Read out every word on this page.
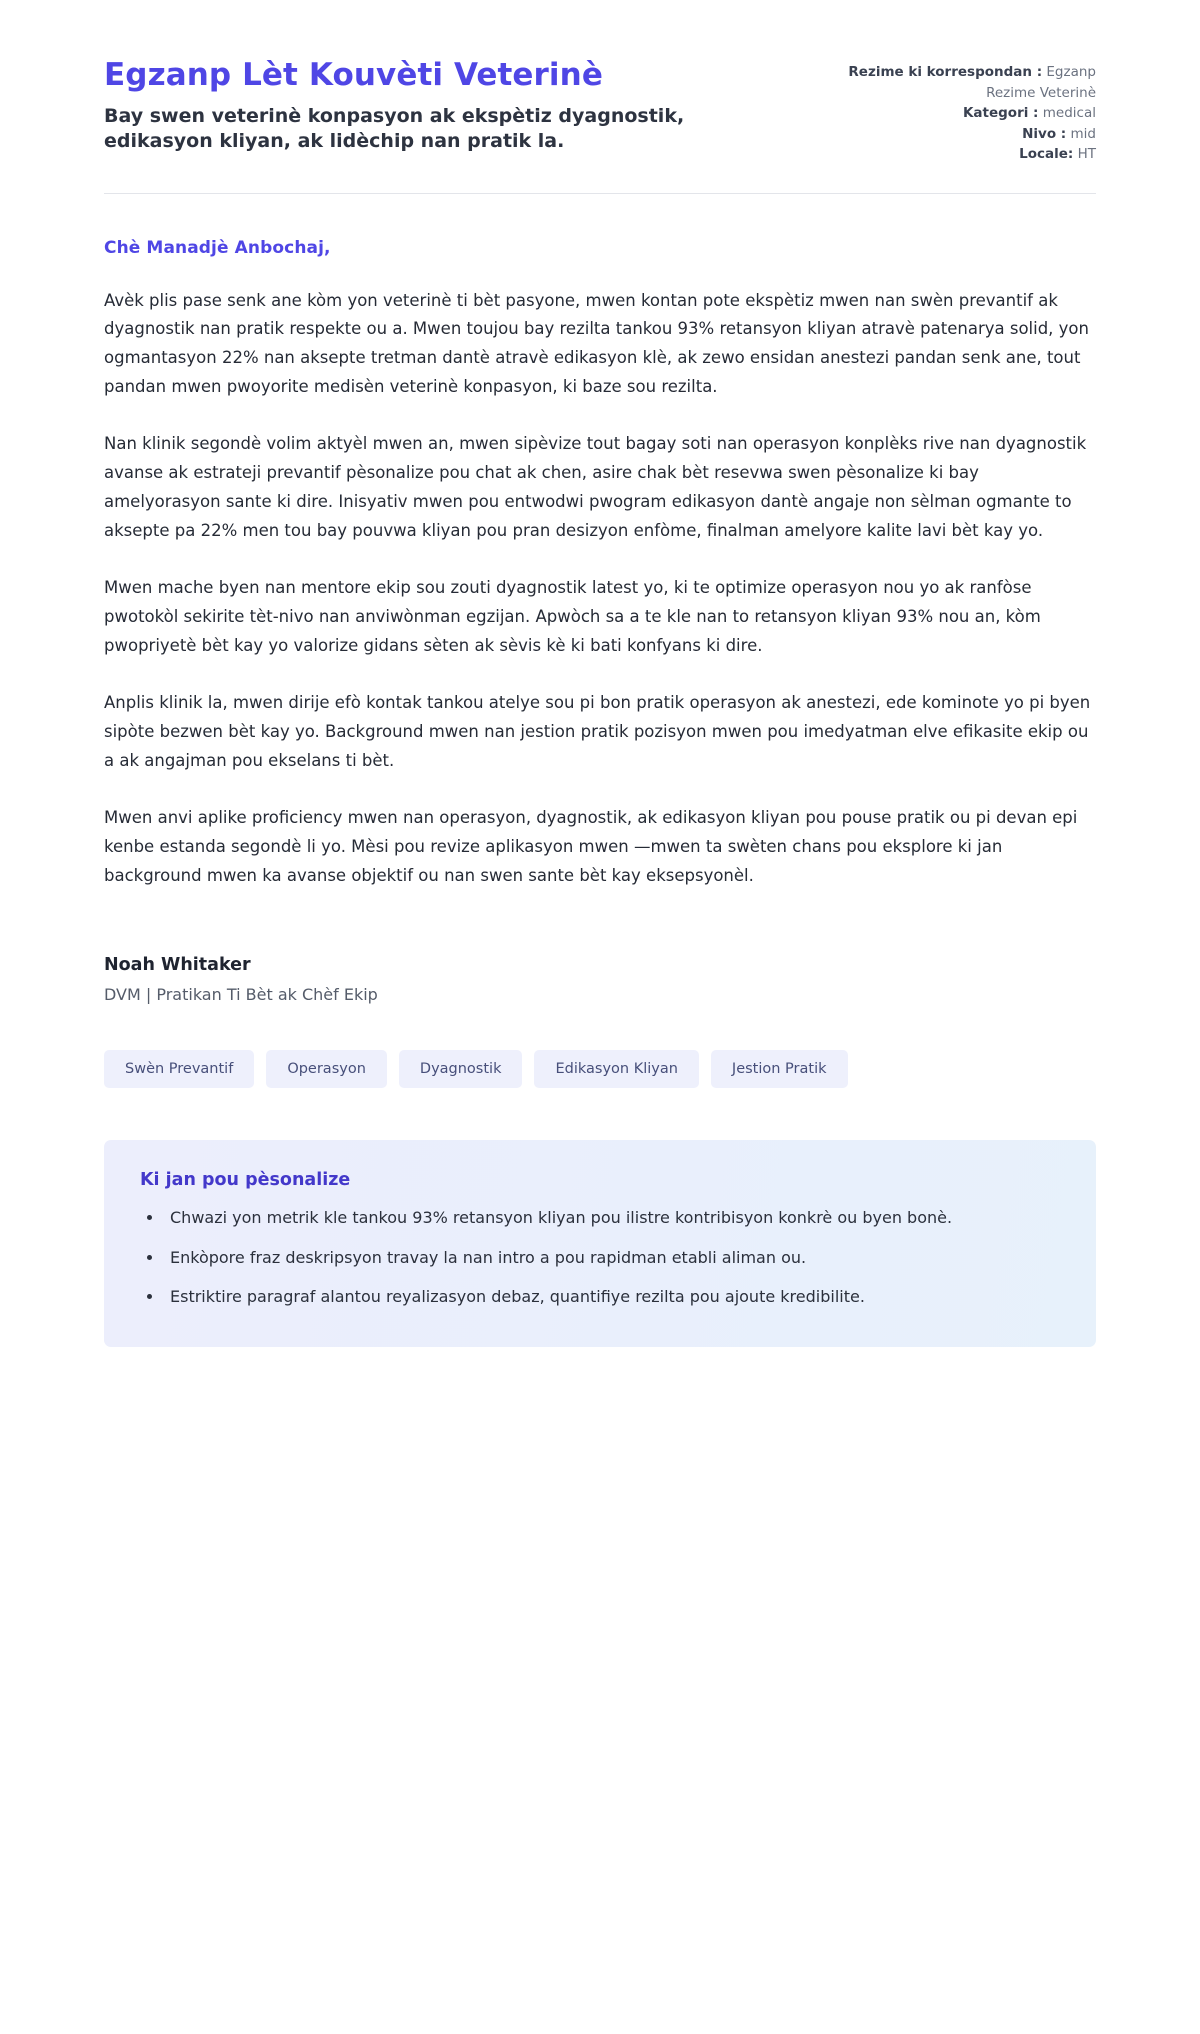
Egzanp Lèt Kouvèti Veterinè

Bay swen veterinè konpasyon ak ekspètiz dyagnostik, edikasyon kliyan, ak lidèchip nan pratik la.

Rezime ki korrespondan : Egzanp Rezime Veterinè
Kategori : medical
Nivo : mid
Locale: HT

Chè Manadjè Anbochaj,

Avèk plis pase senk ane kòm yon veterinè ti bèt pasyone, mwen kontan pote ekspètiz mwen nan swèn prevantif ak dyagnostik nan pratik respekte ou a. Mwen toujou bay rezilta tankou 93% retansyon kliyan atravè patenarya solid, yon ogmantasyon 22% nan aksepte tretman dantè atravè edikasyon klè, ak zewo ensidan anestezi pandan senk ane, tout pandan mwen pwoyorite medisèn veterinè konpasyon, ki baze sou rezilta.

Nan klinik segondè volim aktyèl mwen an, mwen sipèvize tout bagay soti nan operasyon konplèks rive nan dyagnostik avanse ak estrateji prevantif pèsonalize pou chat ak chen, asire chak bèt resevwa swen pèsonalize ki bay amelyorasyon sante ki dire. Inisyativ mwen pou entwodwi pwogram edikasyon dantè angaje non sèlman ogmante to aksepte pa 22% men tou bay pouvwa kliyan pou pran desizyon enfòme, finalman amelyore kalite lavi bèt kay yo.

Mwen mache byen nan mentore ekip sou zouti dyagnostik latest yo, ki te optimize operasyon nou yo ak ranfòse pwotokòl sekirite tèt-nivo nan anviwònman egzijan. Apwòch sa a te kle nan to retansyon kliyan 93% nou an, kòm pwopriyetè bèt kay yo valorize gidans sèten ak sèvis kè ki bati konfyans ki dire.

Anplis klinik la, mwen dirije efò kontak tankou atelye sou pi bon pratik operasyon ak anestezi, ede kominote yo pi byen sipòte bezwen bèt kay yo. Background mwen nan jestion pratik pozisyon mwen pou imedyatman elve efikasite ekip ou a ak angajman pou ekselans ti bèt.

Mwen anvi aplike proficiency mwen nan operasyon, dyagnostik, ak edikasyon kliyan pou pouse pratik ou pi devan epi kenbe estanda segondè li yo. Mèsi pou revize aplikasyon mwen —mwen ta swèten chans pou eksplore ki jan background mwen ka avanse objektif ou nan swen sante bèt kay eksepsyonèl.

Noah Whitaker

DVM | Pratikan Ti Bèt ak Chèf Ekip

Swèn Prevantif	Operasyon	Dyagnostik	Edikasyon Kliyan	Jestion Pratik

Ki jan pou pèsonalize

• Chwazi yon metrik kle tankou 93% retansyon kliyan pou ilistre kontribisyon konkrè ou byen bonè.
• Enkòpore fraz deskripsyon travay la nan intro a pou rapidman etabli aliman ou.
• Estriktire paragraf alantou reyalizasyon debaz, quantifiye rezilta pou ajoute kredibilite.
